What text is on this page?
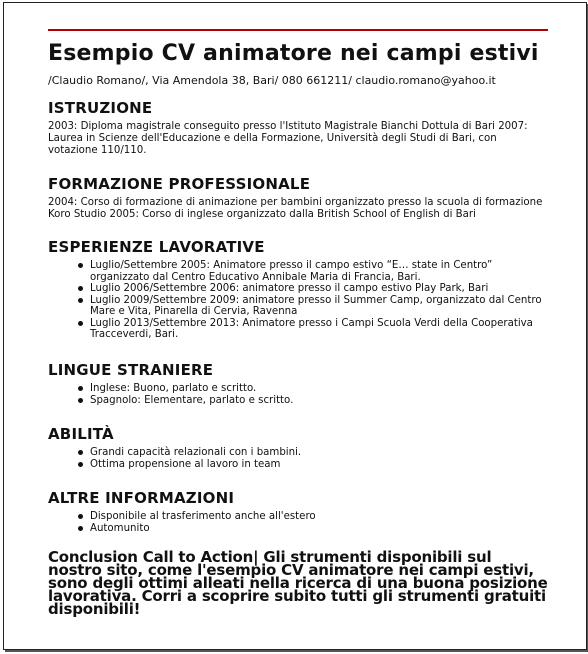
Esempio CV animatore nei campi estivi
/Claudio Romano/, Via Amendola 38, Bari/ 080 661211/ claudio.romano@yahoo.it
ISTRUZIONE

2003: Diploma magistrale conseguito presso l'Istituto Magistrale Bianchi Dottula di Bari 2007: Laurea in Scienze dell'Educazione e della Formazione, Università degli Studi di Bari, con votazione 110/110.

FORMAZIONE PROFESSIONALE

2004: Corso di formazione di animazione per bambini organizzato presso la scuola di formazione Koro Studio 2005: Corso di inglese organizzato dalla British School of English di Bari

ESPERIENZE LAVORATIVE
Luglio/Settembre 2005: Animatore presso il campo estivo “E… state in Centro” organizzato dal Centro Educativo Annibale Maria di Francia, Bari.
Luglio 2006/Settembre 2006: animatore presso il campo estivo Play Park, Bari
Luglio 2009/Settembre 2009: animatore presso il Summer Camp, organizzato dal Centro Mare e Vita, Pinarella di Cervia, Ravenna
Luglio 2013/Settembre 2013: Animatore presso i Campi Scuola Verdi della Cooperativa Tracceverdi, Bari.
LINGUE STRANIERE
Inglese: Buono, parlato e scritto.
Spagnolo: Elementare, parlato e scritto.
ABILITÀ
Grandi capacità relazionali con i bambini.
Ottima propensione al lavoro in team
ALTRE INFORMAZIONI
Disponibile al trasferimento anche all'estero
Automunito
Conclusion Call to Action| Gli strumenti disponibili sul nostro sito, come l'esempio CV animatore nei campi estivi, sono degli ottimi alleati nella ricerca di una buona posizione lavorativa. Corri a scoprire subito tutti gli strumenti gratuiti disponibili!
